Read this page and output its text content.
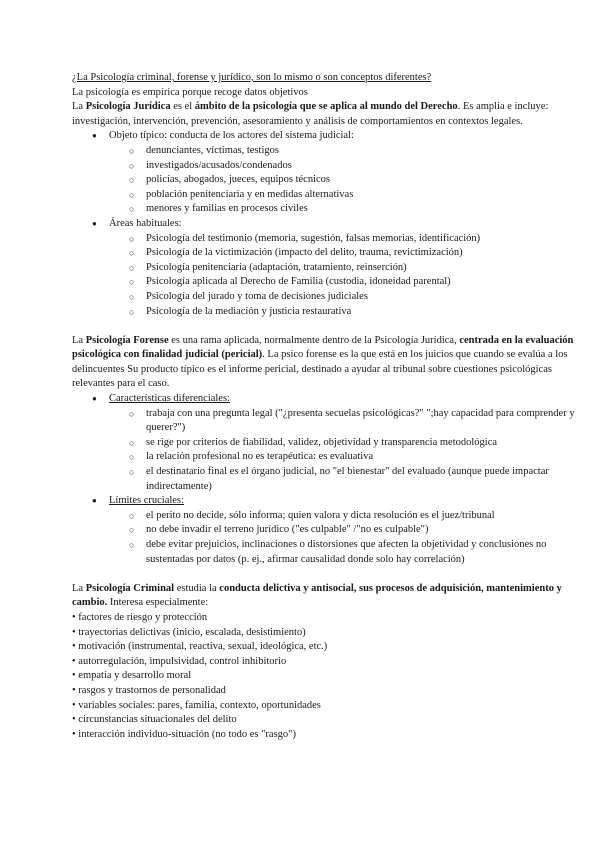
¿La Psicología criminal, forense y jurídico, son lo mismo o son conceptos diferentes?

La psicología es empírica porque recoge datos objetivos

La Psicología Jurídica es el ámbito de la psicología que se aplica al mundo del Derecho. Es amplia e incluye: investigación, intervención, prevención, asesoramiento y análisis de comportamientos en contextos legales.

● Objeto típico: conducta de los actores del sistema judicial:
○ denunciantes, víctimas, testigos
○ investigados/acusados/condenados
○ policías, abogados, jueces, equipos técnicos
○ población penitenciaria y en medidas alternativas
○ menores y familias en procesos civiles
● Áreas habituales:
○ Psicología del testimonio (memoria, sugestión, falsas memorias, identificación)
○ Psicología de la victimización (impacto del delito, trauma, revictimización)
○ Psicología penitenciaria (adaptación, tratamiento, reinserción)
○ Psicología aplicada al Derecho de Familia (custodia, idoneidad parental)
○ Psicología del jurado y toma de decisiones judiciales
○ Psicología de la mediación y justicia restaurativa

La Psicología Forense es una rama aplicada, normalmente dentro de la Psicología Jurídica, centrada en la evaluación psicológica con finalidad judicial (pericial). La psico forense es la que está en los juicios que cuando se evalúa a los delincuentes Su producto típico es el informe pericial, destinado a ayudar al tribunal sobre cuestiones psicológicas relevantes para el caso.

● Características diferenciales:
○ trabaja con una pregunta legal ("¿presenta secuelas psicológicas?" ";hay capacidad para comprender y querer?")
○ se rige por criterios de fiabilidad, validez, objetividad y transparencia metodológica
○ la relación profesional no es terapéutica: es evaluativa
○ el destinatario final es el órgano judicial, no "el bienestar" del evaluado (aunque puede impactar indirectamente)
● Límites cruciales:
○ el perito no decide, sólo informa; quien valora y dicta resolución es el juez/tribunal
○ no debe invadir el terreno jurídico ("es culpable" /"no es culpable")
○ debe evitar prejuicios, inclinaciones o distorsiones que afecten la objetividad y conclusiones no sustentadas por datos (p. ej., afirmar causalidad donde solo hay correlación)

La Psicología Criminal estudia la conducta delictiva y antisocial, sus procesos de adquisición, mantenimiento y cambio. Interesa especialmente:

• factores de riesgo y protección
• trayectorias delictivas (inicio, escalada, desistimiento)
• motivación (instrumental, reactiva, sexual, ideológica, etc.)
• autorregulación, impulsividad, control inhibitorio
• empatía y desarrollo moral
• rasgos y trastornos de personalidad
• variables sociales: pares, familia, contexto, oportunidades
• circunstancias situacionales del delito
• interacción individuo-situación (no todo es "rasgo")
